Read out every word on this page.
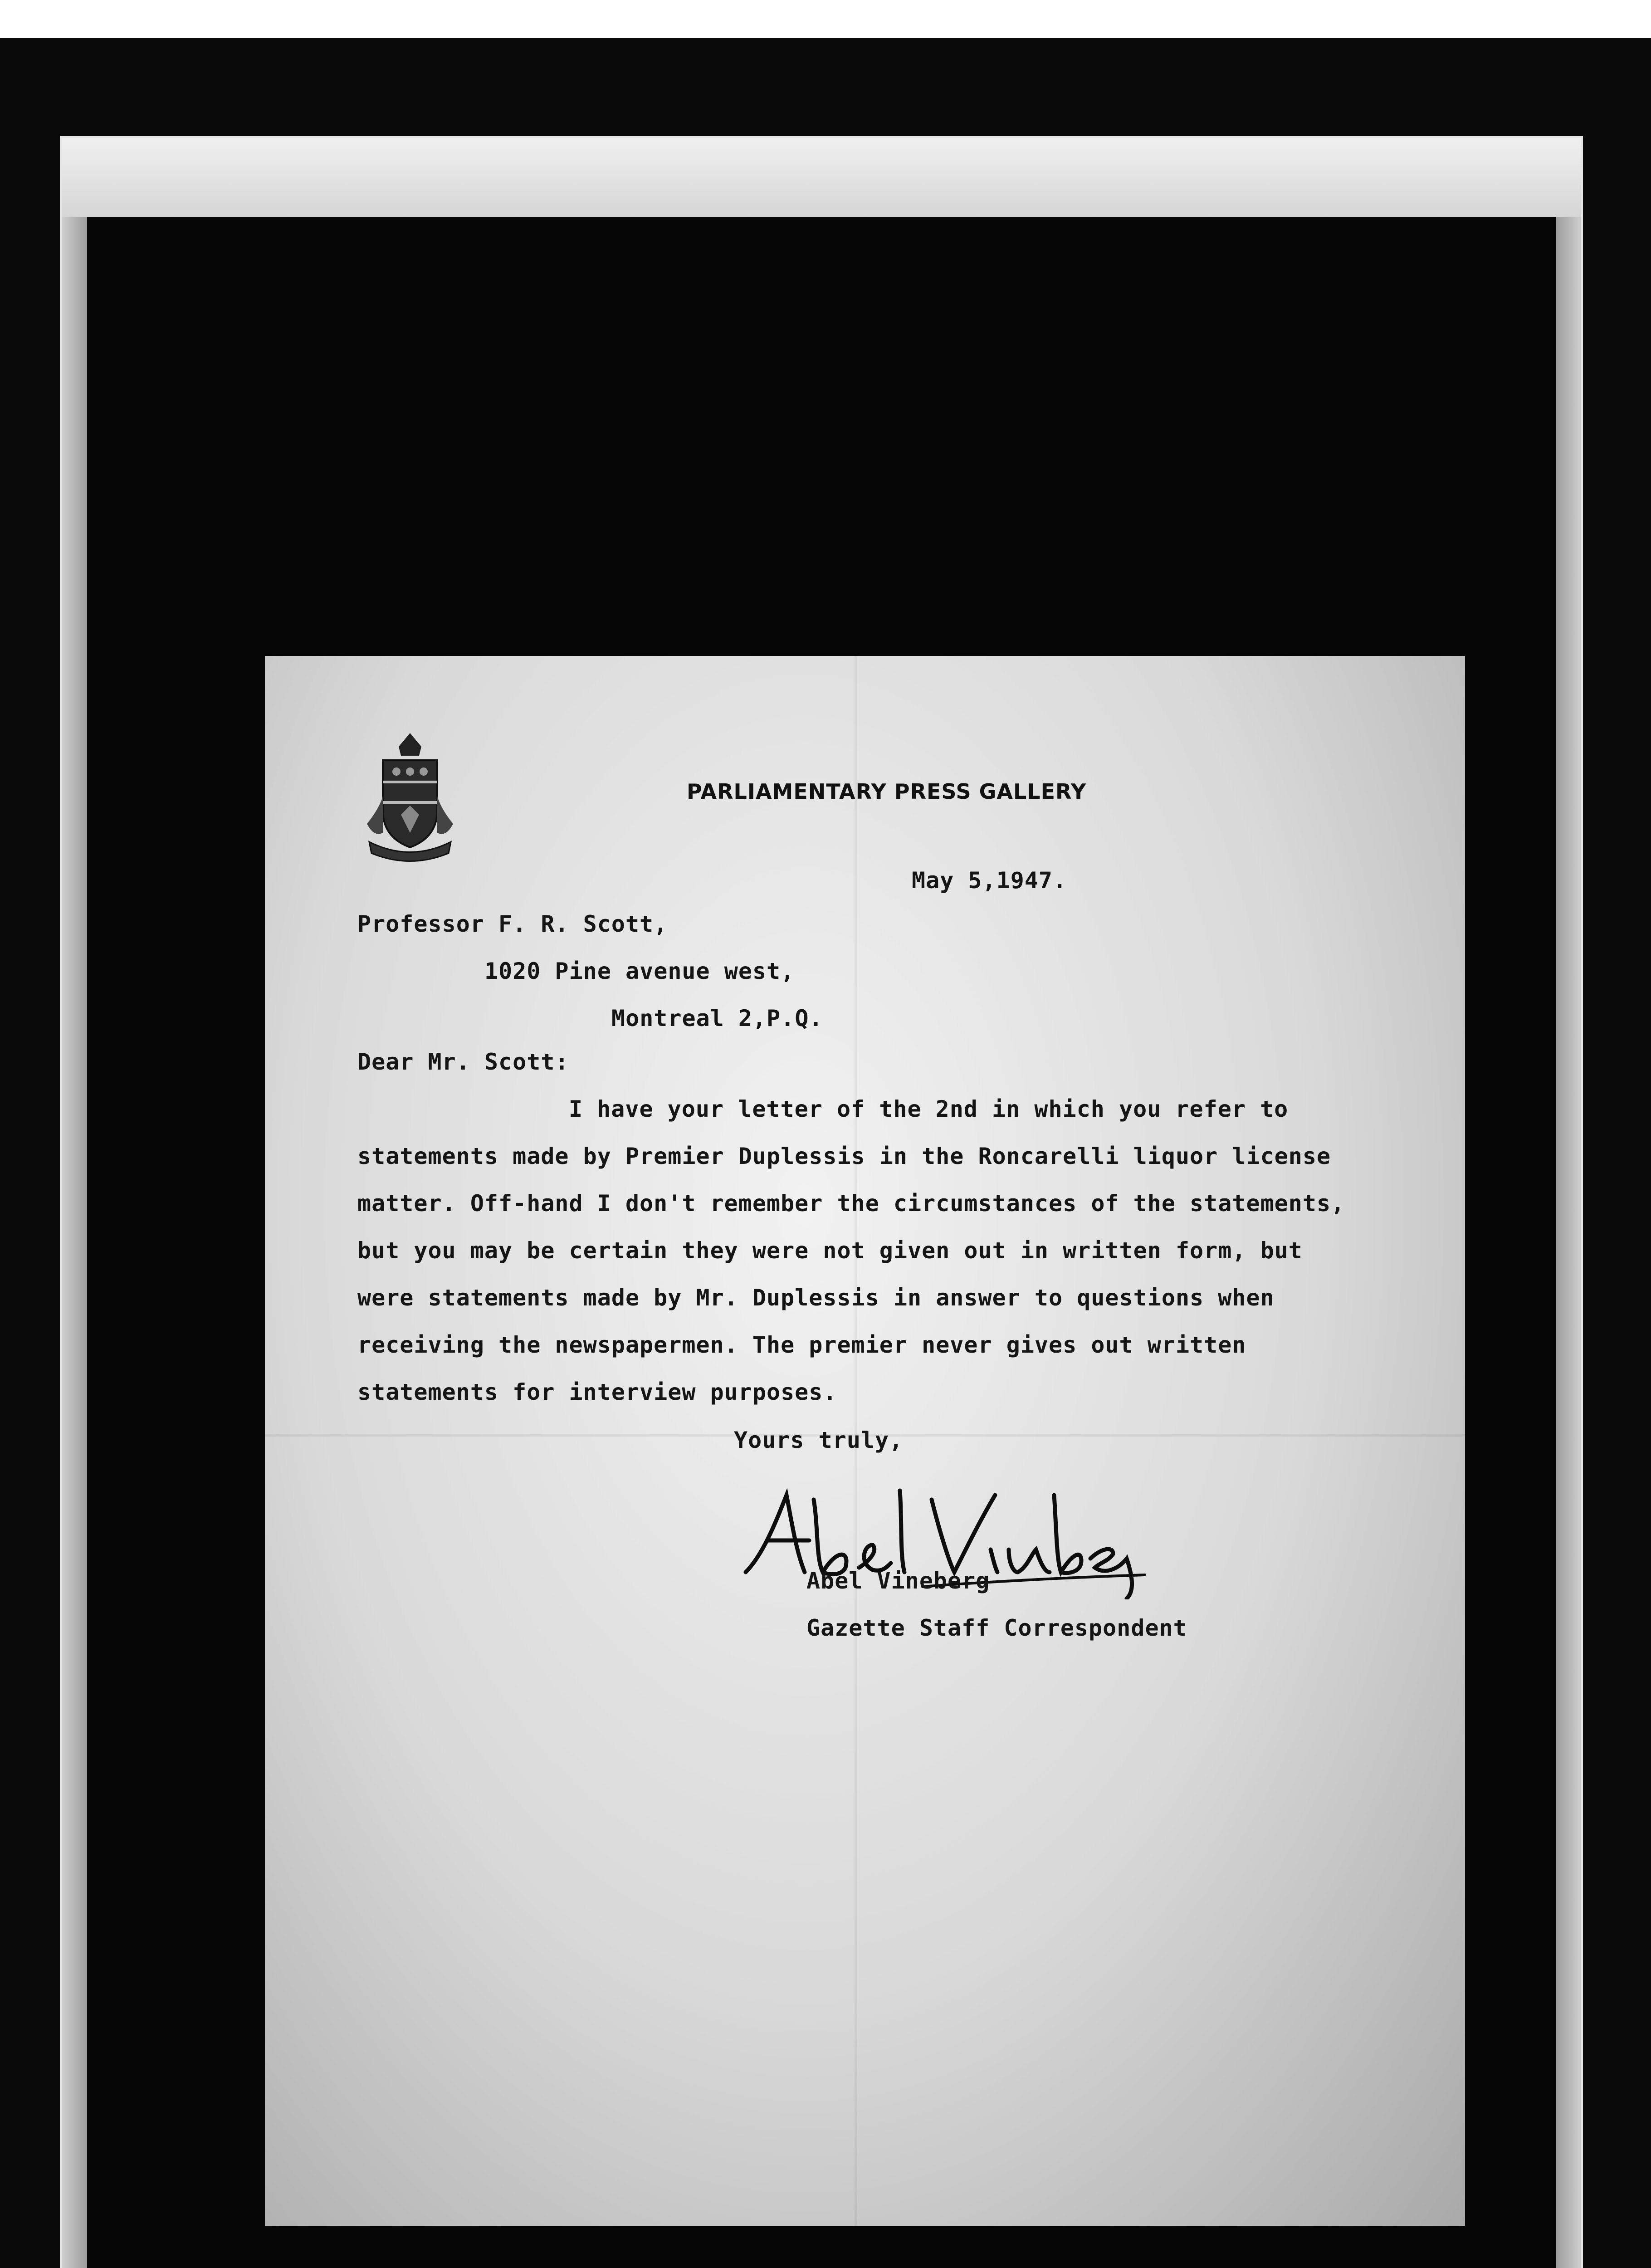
PARLIAMENTARY PRESS GALLERY
May 5,1947.
Professor F. R. Scott,
1020 Pine avenue west,
Montreal 2,P.Q.
Dear Mr. Scott:
I have your letter of the 2nd in which you refer to
statements made by Premier Duplessis in the Roncarelli liquor license
matter. Off-hand I don't remember the circumstances of the statements,
but you may be certain they were not given out in written form, but
were statements made by Mr. Duplessis in answer to questions when
receiving the newspapermen. The premier never gives out written
statements for interview purposes.
Yours truly,
Abel Vineberg
Gazette Staff Correspondent
